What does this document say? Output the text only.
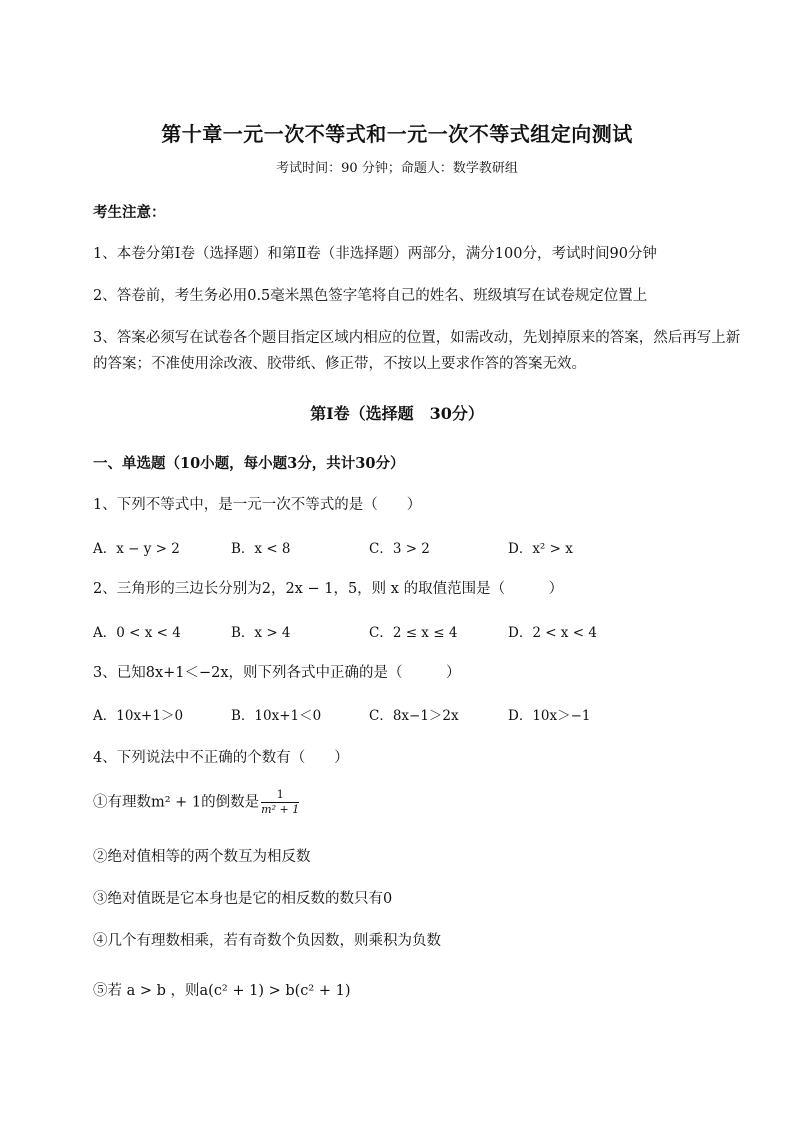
第十章一元一次不等式和一元一次不等式组定向测试
考试时间：90 分钟；命题人：数学教研组
考生注意：
1、本卷分第Ⅰ卷（选择题）和第Ⅱ卷（非选择题）两部分，满分100分，考试时间90分钟
2、答卷前，考生务必用0.5毫米黑色签字笔将自己的姓名、班级填写在试卷规定位置上
3、答案必须写在试卷各个题目指定区域内相应的位置，如需改动，先划掉原来的答案，然后再写上新
的答案；不准使用涂改液、胶带纸、修正带，不按以上要求作答的答案无效。
第Ⅰ卷（选择题　30分）
一、单选题（10小题，每小题3分，共计30分）
1、下列不等式中，是一元一次不等式的是（　　）
A．x − y > 2	B．x < 8	C．3 > 2	D．x² > x
2、三角形的三边长分别为2，2x − 1，5，则 x 的取值范围是（　　　）
A．0 < x < 4	B．x > 4	C．2 ≤ x ≤ 4	D．2 < x < 4
3、已知8x+1＜−2x，则下列各式中正确的是（　　　）
A．10x+1＞0	B．10x+1＜0	C．8x−1＞2x	D．10x＞−1
4、下列说法中不正确的个数有（　　）
①有理数m² + 1的倒数是 $\frac{1}{\text{m² + 1}}$
②绝对值相等的两个数互为相反数
③绝对值既是它本身也是它的相反数的数只有0
④几个有理数相乘，若有奇数个负因数，则乘积为负数
⑤若 a > b ，则a(c² + 1) > b(c² + 1)
